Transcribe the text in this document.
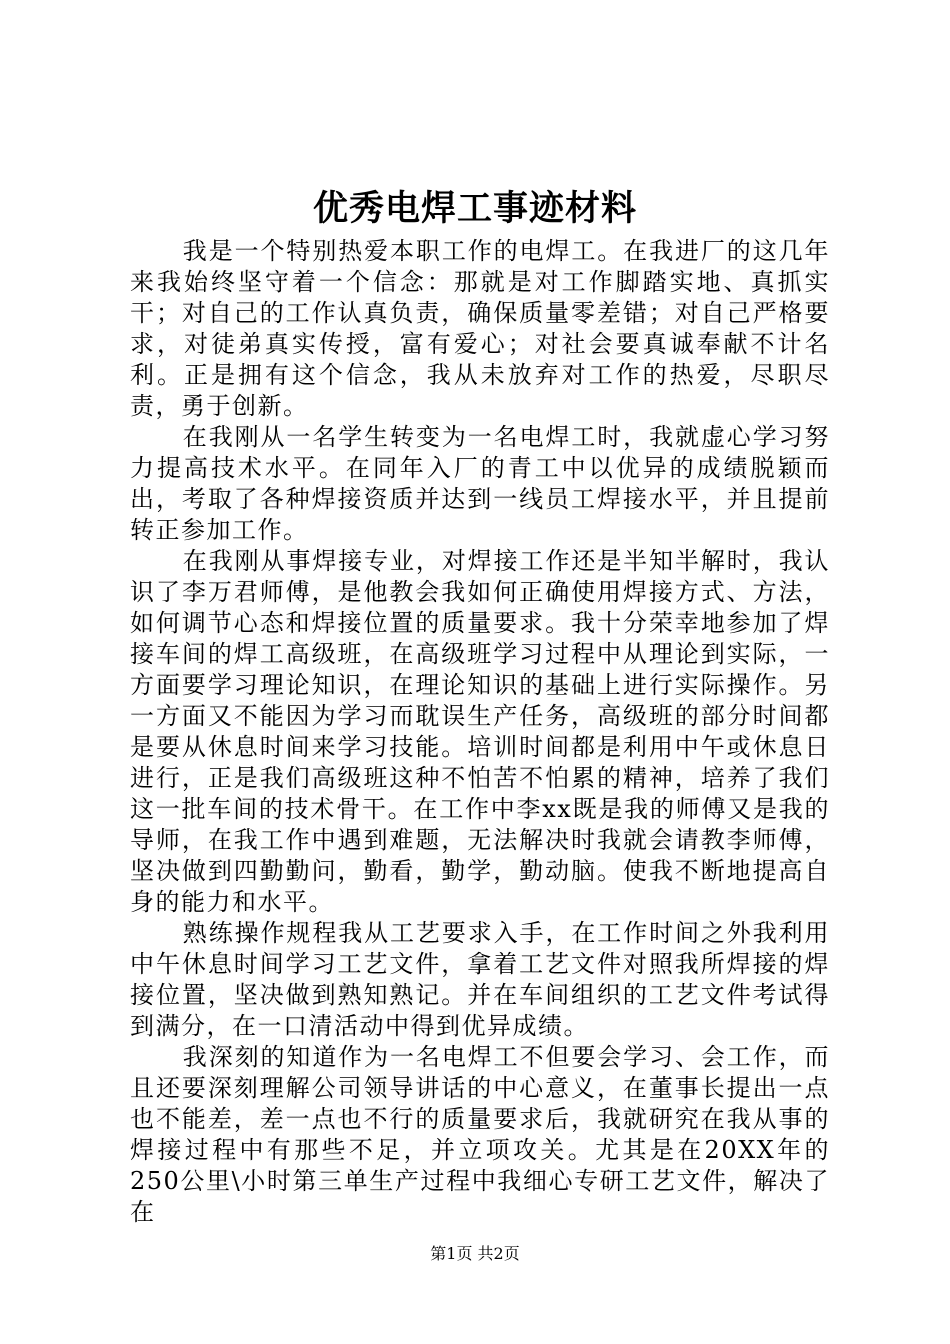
优秀电焊工事迹材料

我是一个特别热爱本职工作的电焊工。在我进厂的这几年来我始终坚守着一个信念：那就是对工作脚踏实地、真抓实干；对自己的工作认真负责，确保质量零差错；对自己严格要求，对徒弟真实传授，富有爱心；对社会要真诚奉献不计名利。正是拥有这个信念，我从未放弃对工作的热爱，尽职尽责，勇于创新。

在我刚从一名学生转变为一名电焊工时，我就虚心学习努力提高技术水平。在同年入厂的青工中以优异的成绩脱颖而出，考取了各种焊接资质并达到一线员工焊接水平，并且提前转正参加工作。

在我刚从事焊接专业，对焊接工作还是半知半解时，我认识了李万君师傅，是他教会我如何正确使用焊接方式、方法，如何调节心态和焊接位置的质量要求。我十分荣幸地参加了焊接车间的焊工高级班，在高级班学习过程中从理论到实际，一方面要学习理论知识，在理论知识的基础上进行实际操作。另一方面又不能因为学习而耽误生产任务，高级班的部分时间都是要从休息时间来学习技能。培训时间都是利用中午或休息日进行，正是我们高级班这种不怕苦不怕累的精神，培养了我们这一批车间的技术骨干。在工作中李xx既是我的师傅又是我的导师，在我工作中遇到难题，无法解决时我就会请教李师傅，坚决做到四勤勤问，勤看，勤学，勤动脑。使我不断地提高自身的能力和水平。

熟练操作规程我从工艺要求入手，在工作时间之外我利用中午休息时间学习工艺文件，拿着工艺文件对照我所焊接的焊接位置，坚决做到熟知熟记。并在车间组织的工艺文件考试得到满分，在一口清活动中得到优异成绩。

我深刻的知道作为一名电焊工不但要会学习、会工作，而且还要深刻理解公司领导讲话的中心意义，在董事长提出一点也不能差，差一点也不行的质量要求后，我就研究在我从事的焊接过程中有那些不足，并立项攻关。尤其是在20XX年的250公里\小时第三单生产过程中我细心专研工艺文件，解决了在

第1页 共2页
